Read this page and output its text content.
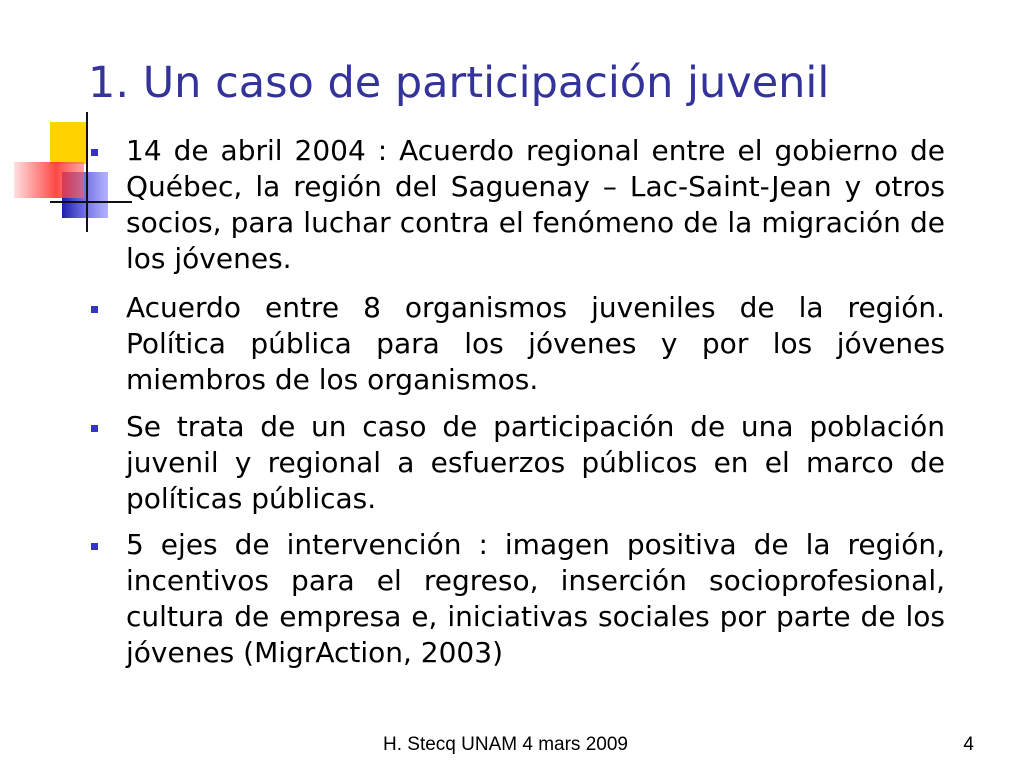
1. Un caso de participación juvenil

14 de abril 2004 : Acuerdo regional entre el gobierno de Québec, la región del Saguenay – Lac-Saint-Jean y otros socios, para luchar contra el fenómeno de la migración de los jóvenes.

Acuerdo entre 8 organismos juveniles de la región. Política pública para los jóvenes y por los jóvenes miembros de los organismos.

Se trata de un caso de participación de una población juvenil y regional a esfuerzos públicos en el marco de políticas públicas.

5 ejes de intervención : imagen positiva de la región, incentivos para el regreso, inserción socioprofesional, cultura de empresa e, iniciativas sociales por parte de los jóvenes (MigrAction, 2003)

H. Stecq UNAM 4 mars 2009	4
